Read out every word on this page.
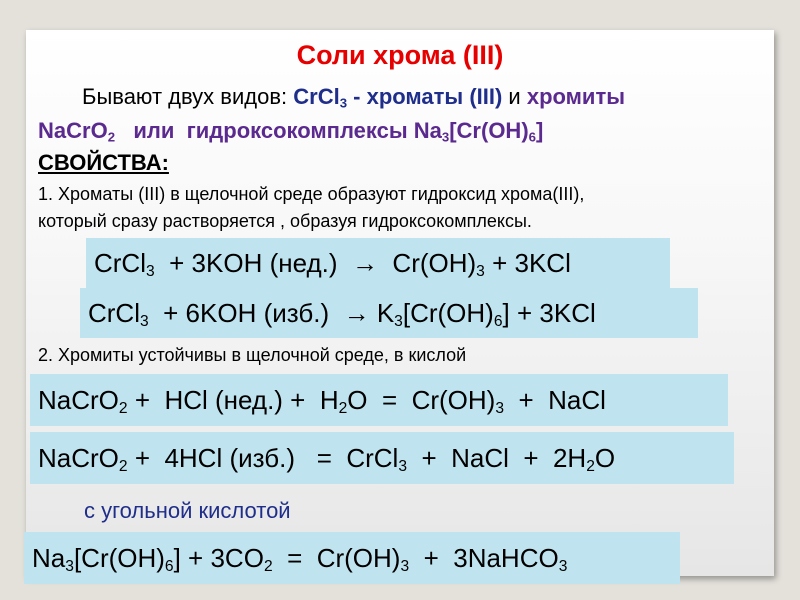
Соли хрома (III)
Бывают двух видов: CrCl$_3$ - хроматы (III) и хромиты
NaCrO$_2$   или  гидроксокомплексы $Na_3[Cr(OH)_6]$
СВОЙСТВА:
1. Хроматы (III) в щелочной среде образуют гидроксид хрома(III),
который сразу растворяется , образуя гидроксокомплексы.
CrCl$_3$  + 3KOH $(нед.) \to Cr(OH)_3 + 3KCl$
CrCl$_3$  + 6KOH $(изб.) \to K_3[Cr(OH)_6] + 3KCl$
2. Хромиты устойчивы в щелочной среде, в кислой
NaCrO$_2$ +  HCl $(нед.) + H_2O = Cr(OH)_3$  +  NaCl
NaCrO$_2$ +  4HCl (изб.)   =  CrCl$_3$  +  NaCl  +  $2H_2O$
с угольной кислотой
$Na_3[Cr(OH)_6] + 3CO_2 = Cr(OH)_3$  +  3NaHCO$_3$
